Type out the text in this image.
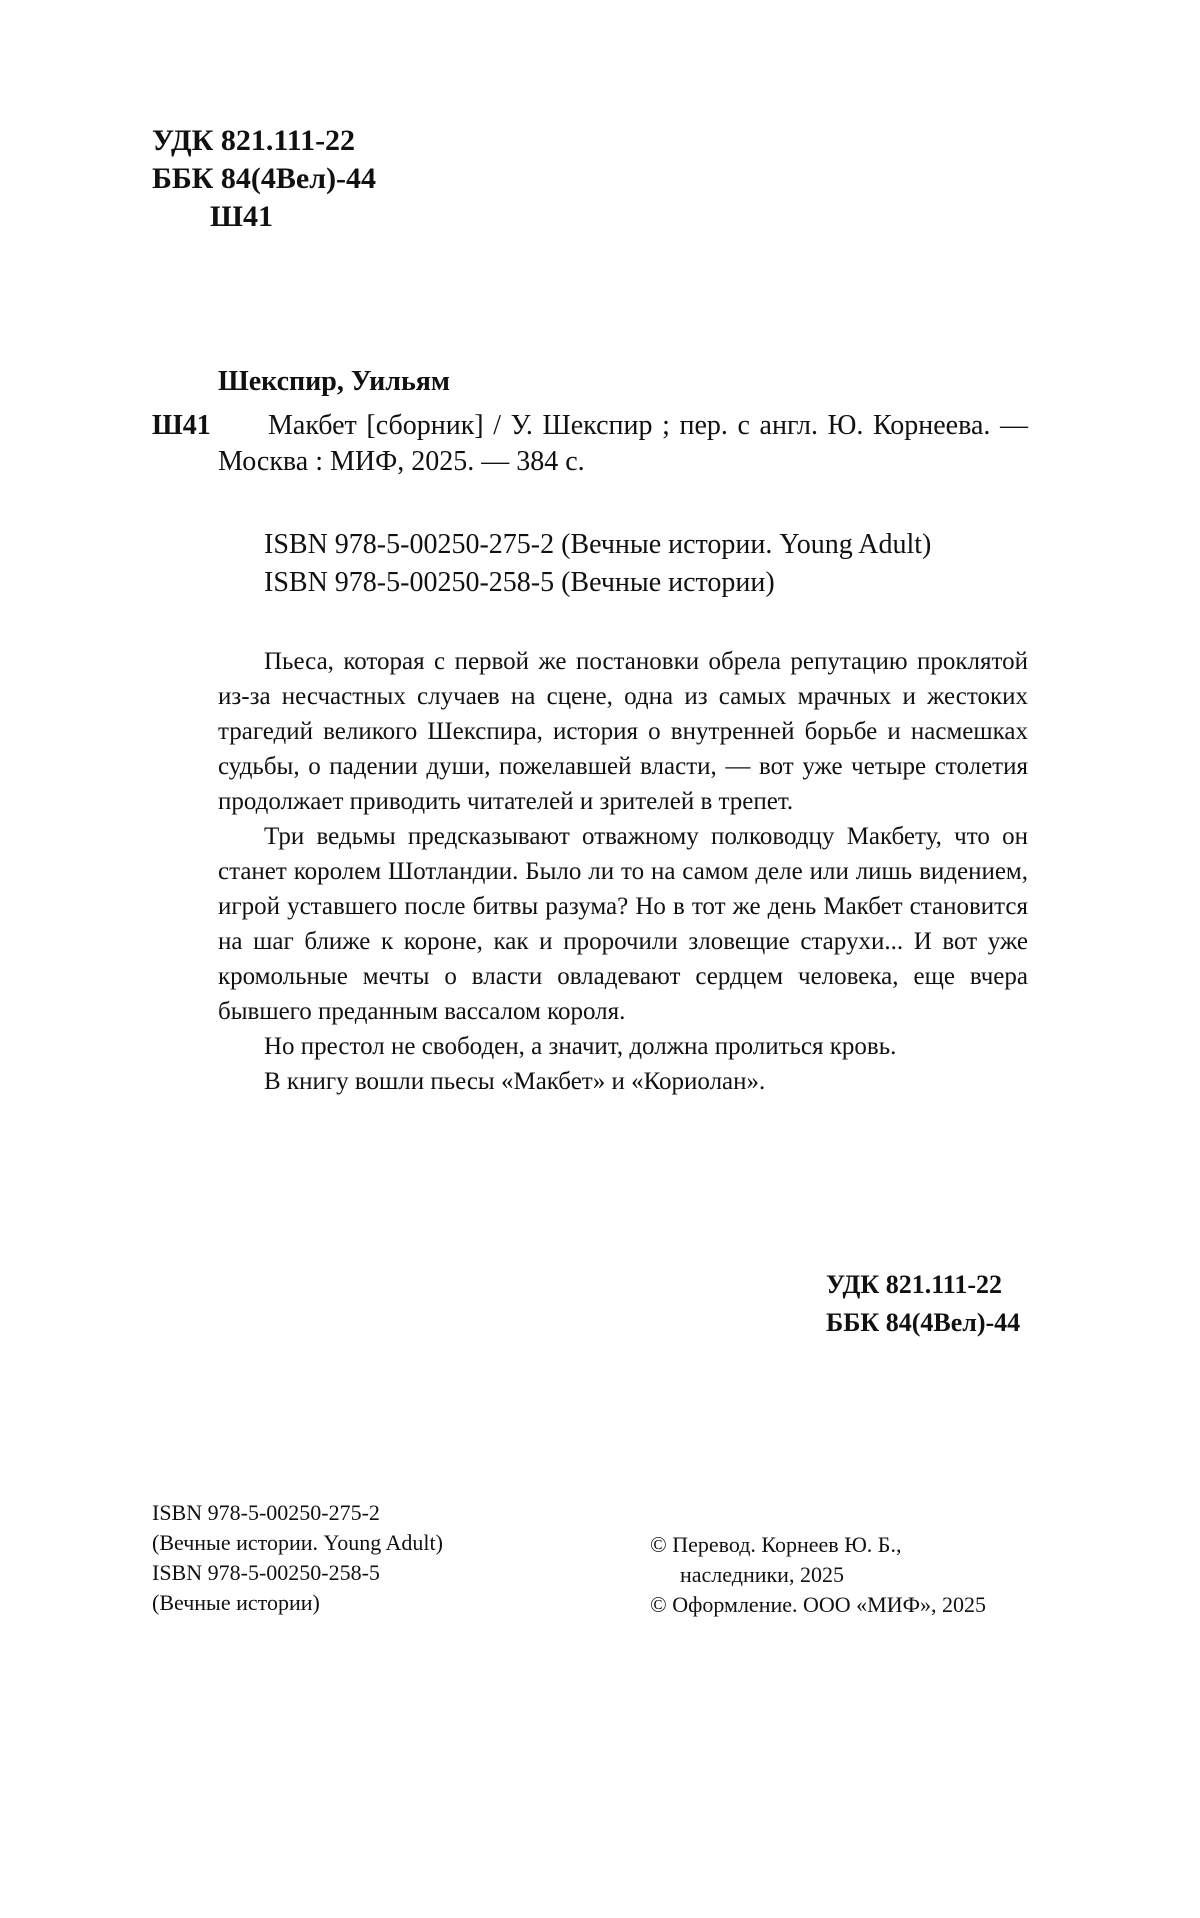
УДК 821.111-22
ББК 84(4Вел)-44
Ш41
Шекспир, Уильям
Ш41	Макбет [сборник] / У. Шекспир ; пер. с англ. Ю. Корнеева. — Москва : МИФ, 2025. — 384 с.

ISBN 978-5-00250-275-2 (Вечные истории. Young Adult)
ISBN 978-5-00250-258-5 (Вечные истории)

Пьеса, которая с первой же постановки обрела репутацию проклятой из-за несчастных случаев на сцене, одна из самых мрачных и жестоких трагедий великого Шекспира, история о внутренней борьбе и насмешках судьбы, о падении души, пожелавшей власти, — вот уже четыре столетия продолжает приводить читателей и зрителей в трепет.

Три ведьмы предсказывают отважному полководцу Макбету, что он станет королем Шотландии. Было ли то на самом деле или лишь видением, игрой уставшего после битвы разума? Но в тот же день Макбет становится на шаг ближе к короне, как и пророчили зловещие старухи... И вот уже кромольные мечты о власти овладевают сердцем человека, еще вчера бывшего преданным вассалом короля.

Но престол не свободен, а значит, должна пролиться кровь.

В книгу вошли пьесы «Макбет» и «Кориолан».

УДК 821.111-22
ББК 84(4Вел)-44
ISBN 978-5-00250-275-2
(Вечные истории. Young Adult)
ISBN 978-5-00250-258-5
(Вечные истории)
© Перевод. Корнеев Ю. Б.,
наследники, 2025
© Оформление. ООО «МИФ», 2025
